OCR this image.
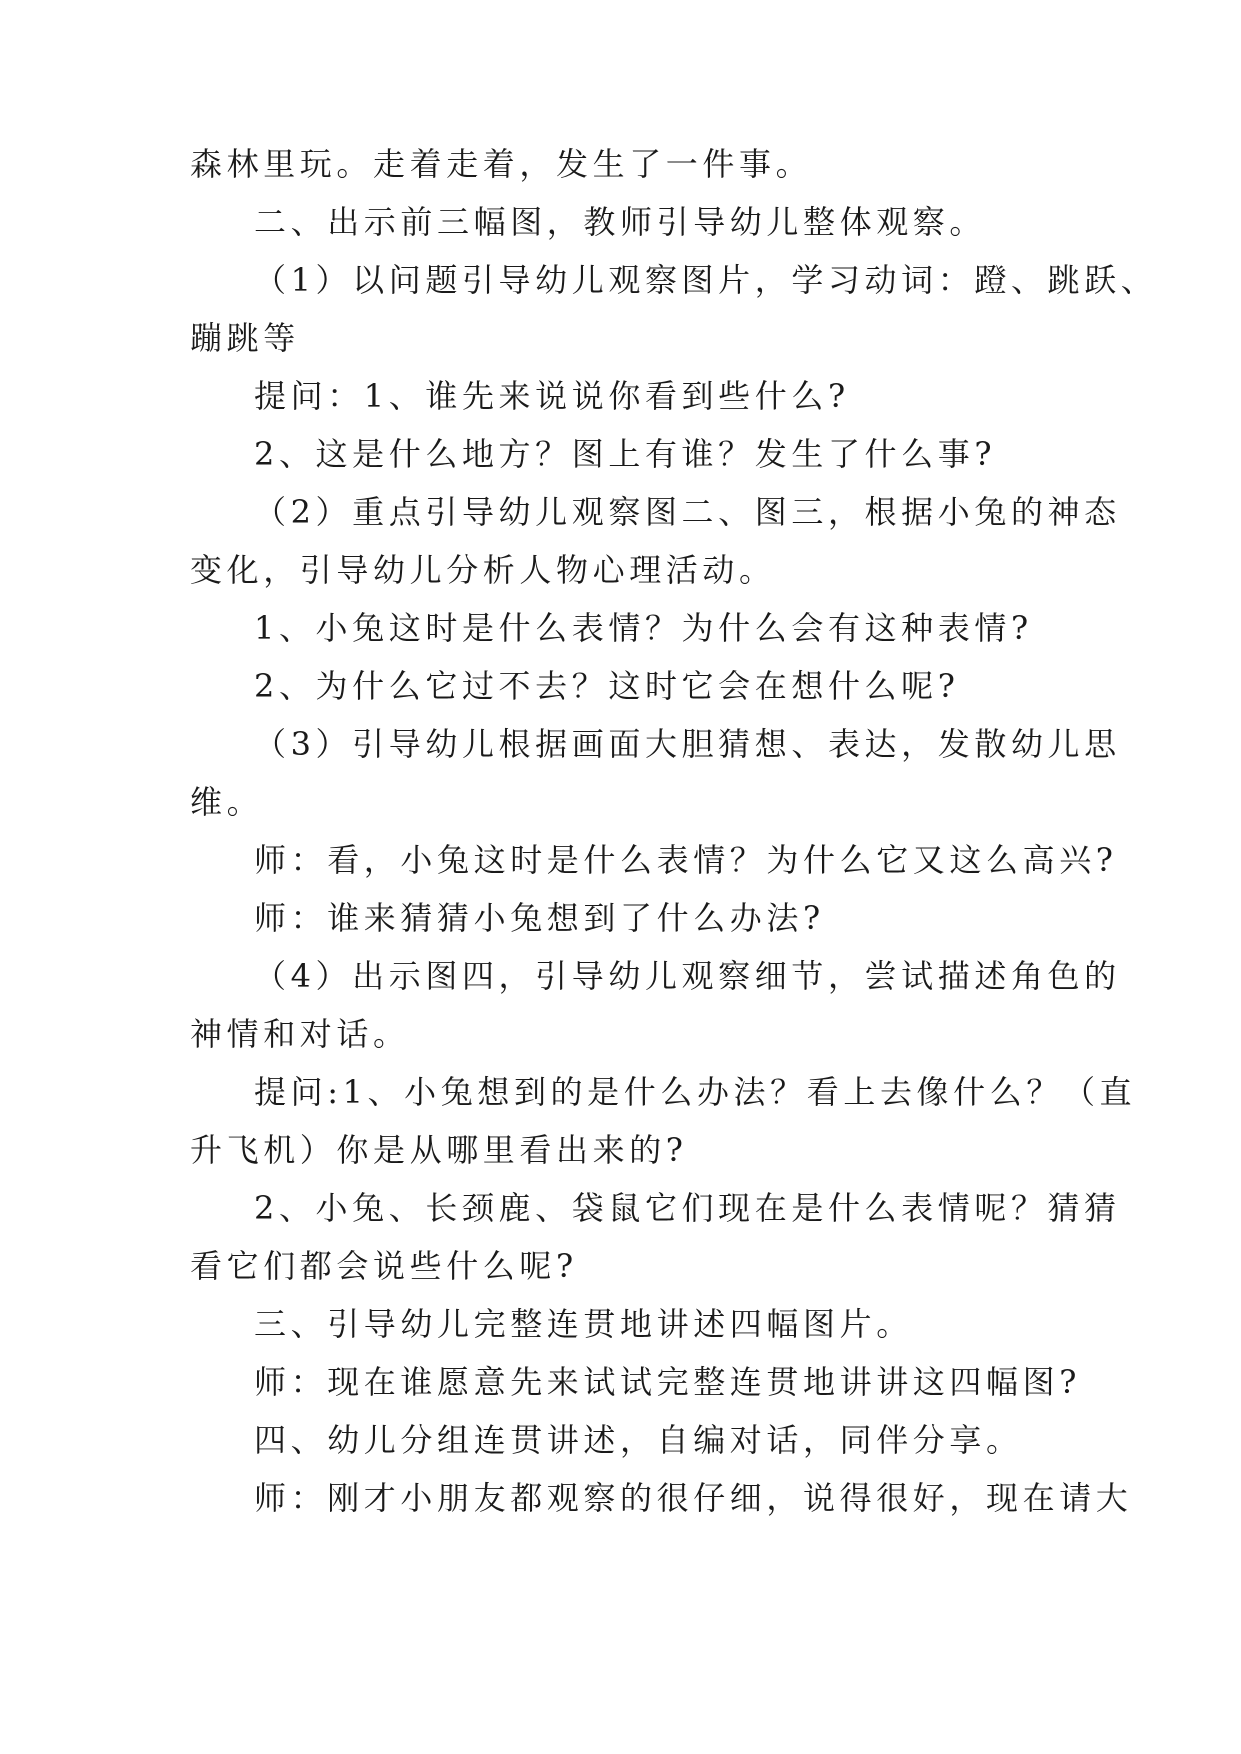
森林里玩。走着走着，发生了一件事。
二、出示前三幅图，教师引导幼儿整体观察。
（1）以问题引导幼儿观察图片，学习动词：蹬、跳跃、
蹦跳等
提问：1、谁先来说说你看到些什么?
2、这是什么地方？图上有谁？发生了什么事?
（2）重点引导幼儿观察图二、图三，根据小兔的神态
变化，引导幼儿分析人物心理活动。
1、小兔这时是什么表情？为什么会有这种表情?
2、为什么它过不去？这时它会在想什么呢?
（3）引导幼儿根据画面大胆猜想、表达，发散幼儿思
维。
师：看，小兔这时是什么表情？为什么它又这么高兴?
师：谁来猜猜小兔想到了什么办法?
（4）出示图四，引导幼儿观察细节，尝试描述角色的
神情和对话。
提问:1、小兔想到的是什么办法？看上去像什么？（直
升飞机）你是从哪里看出来的?
2、小兔、长颈鹿、袋鼠它们现在是什么表情呢？猜猜
看它们都会说些什么呢?
三、引导幼儿完整连贯地讲述四幅图片。
师：现在谁愿意先来试试完整连贯地讲讲这四幅图?
四、幼儿分组连贯讲述，自编对话，同伴分享。
师：刚才小朋友都观察的很仔细，说得很好，现在请大
